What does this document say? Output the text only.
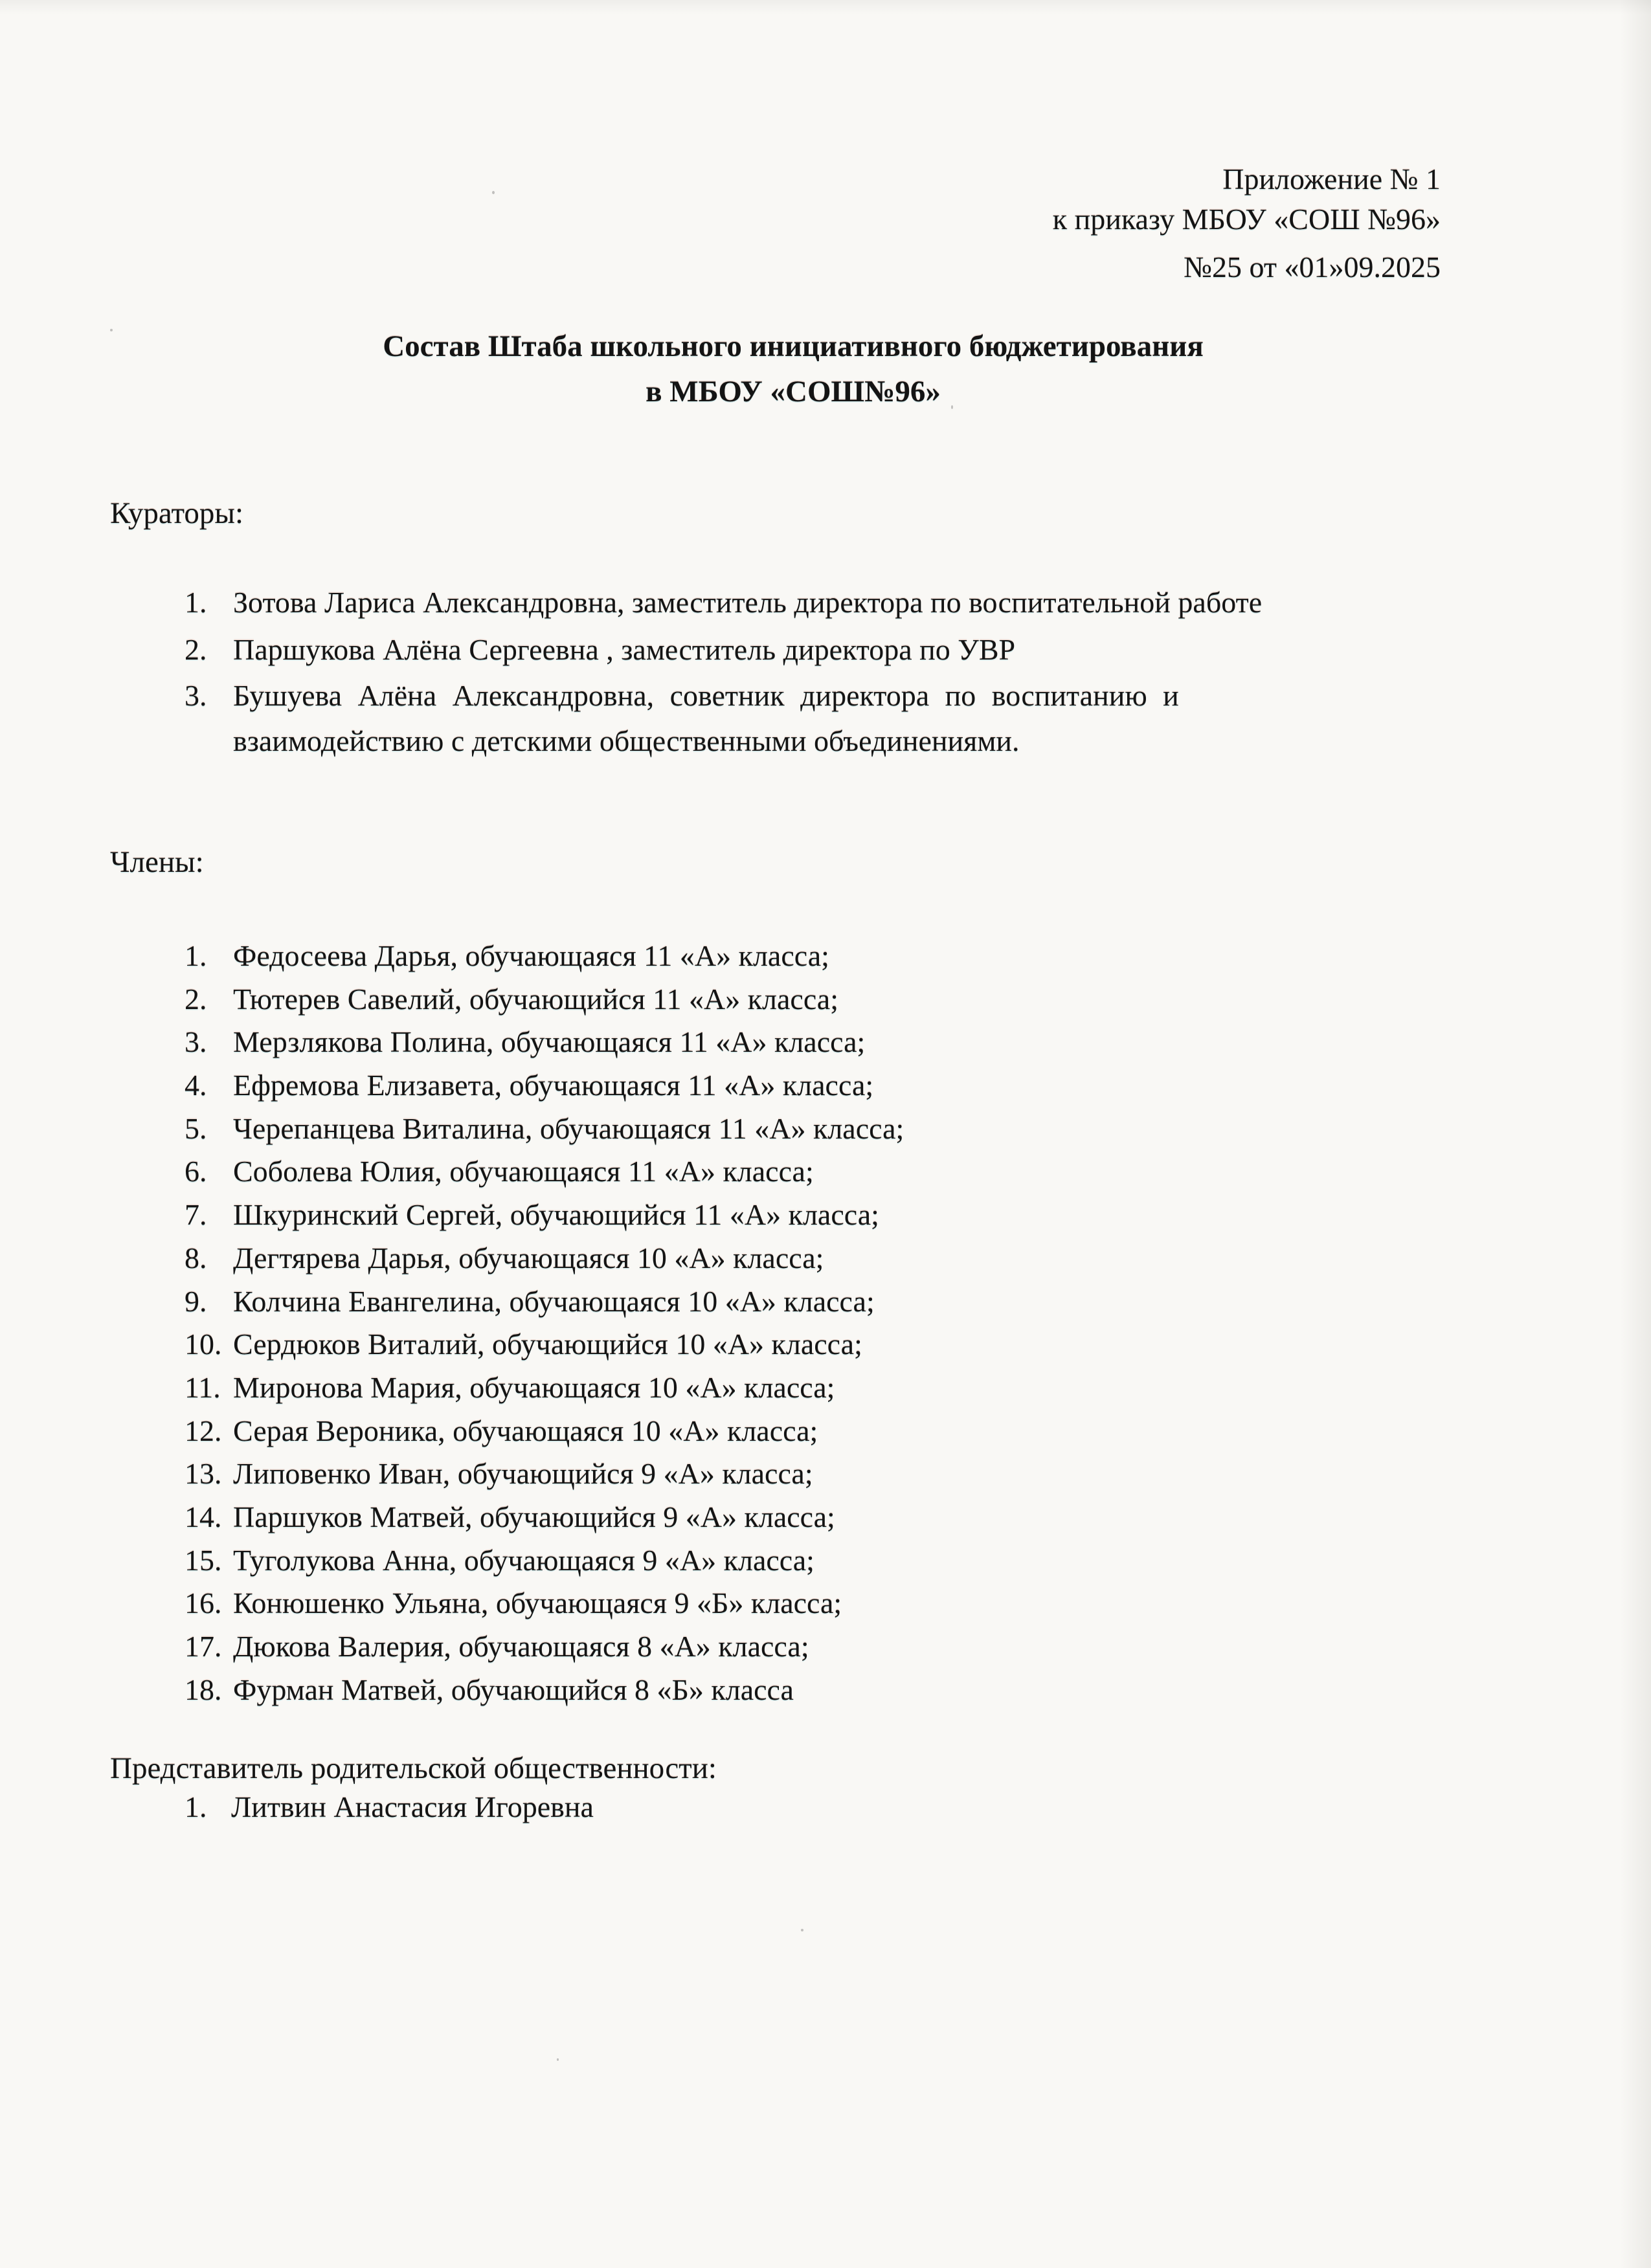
Приложение № 1
к приказу МБОУ «СОШ №96»
№25 от «01»09.2025
Состав Штаба школьного инициативного бюджетирования
в МБОУ «СОШ№96»
Кураторы:
1. Зотова Лариса Александровна, заместитель директора по воспитательной работе
2. Паршукова Алёна Сергеевна , заместитель директора по УВР
3. Бушуева Алёна Александровна, советник директора по воспитанию и
взаимодействию с детскими общественными объединениями.
Члены:
1. Федосеева Дарья, обучающаяся 11 «А» класса;
2. Тютерев Савелий, обучающийся 11 «А» класса;
3. Мерзлякова Полина, обучающаяся 11 «А» класса;
4. Ефремова Елизавета, обучающаяся 11 «А» класса;
5. Черепанцева Виталина, обучающаяся 11 «А» класса;
6. Соболева Юлия, обучающаяся 11 «А» класса;
7. Шкуринский Сергей, обучающийся 11 «А» класса;
8. Дегтярева Дарья, обучающаяся 10 «А» класса;
9. Колчина Евангелина, обучающаяся 10 «А» класса;
10. Сердюков Виталий, обучающийся 10 «А» класса;
11. Миронова Мария, обучающаяся 10 «А» класса;
12. Серая Вероника, обучающаяся 10 «А» класса;
13. Липовенко Иван, обучающийся 9 «А» класса;
14. Паршуков Матвей, обучающийся 9 «А» класса;
15. Туголукова Анна, обучающаяся 9 «А» класса;
16. Конюшенко Ульяна, обучающаяся 9 «Б» класса;
17. Дюкова Валерия, обучающаяся 8 «А» класса;
18. Фурман Матвей, обучающийся 8 «Б» класса
Представитель родительской общественности:
1. Литвин Анастасия Игоревна
